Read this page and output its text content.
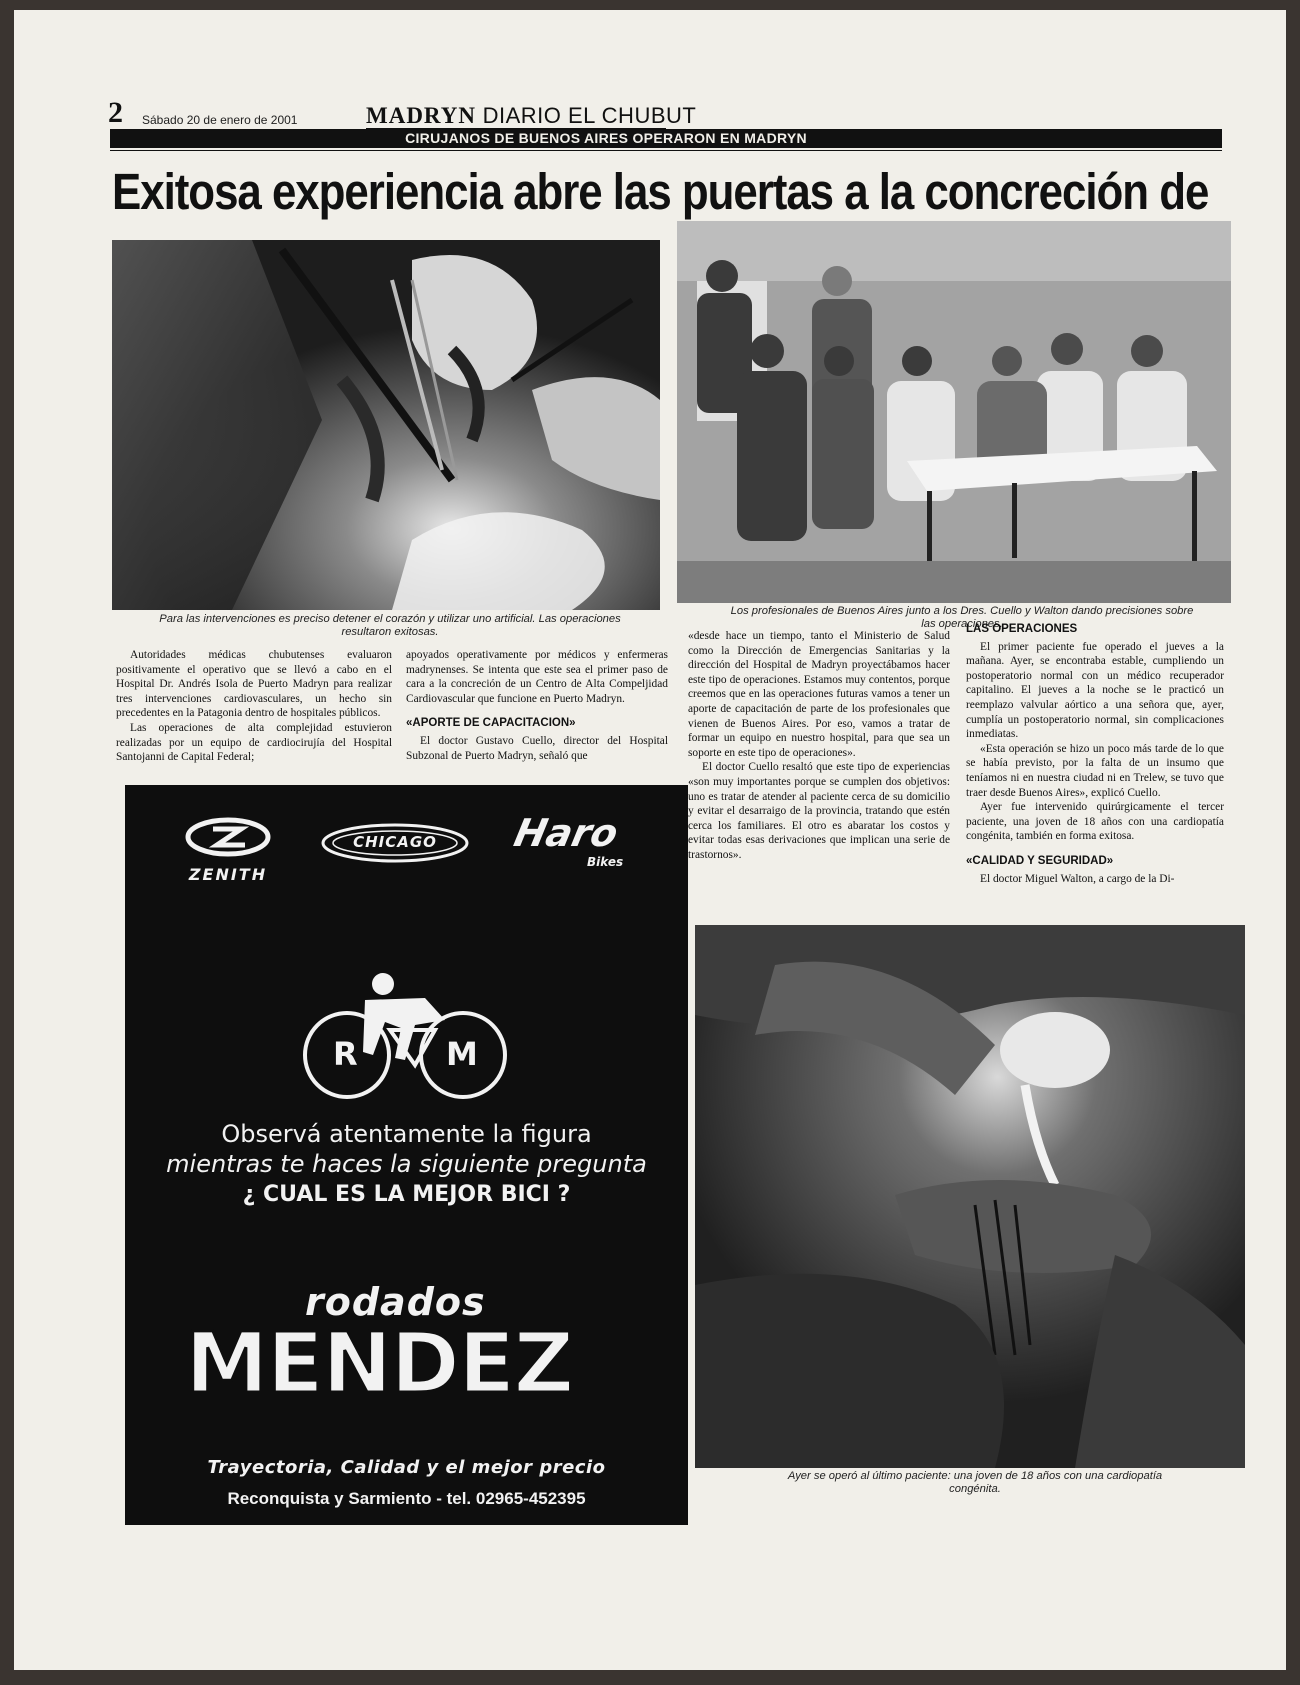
2 Sábado 20 de enero de 2001	MADRYN DIARIO EL CHUBUT
CIRUJANOS DE BUENOS AIRES OPERARON EN MADRYN
Exitosa experiencia abre las puertas a la concreción de
Para las intervenciones es preciso detener el corazón y utilizar uno artificial. Las operaciones resultaron exitosas.
Los profesionales de Buenos Aires junto a los Dres. Cuello y Walton dando precisiones sobre las operaciones.

Autoridades médicas chubutenses evaluaron positivamente el operativo que se llevó a cabo en el Hospital Dr. Andrés Isola de Puerto Madryn para realizar tres intervenciones cardiovasculares, un hecho sin precedentes en la Patagonia dentro de hospitales públicos.

Las operaciones de alta complejidad estuvieron realizadas por un equipo de cardiocirujía del Hospital Santojanni de Capital Federal;

apoyados operativamente por médicos y enfermeras madrynenses. Se intenta que este sea el primer paso de cara a la concreción de un Centro de Alta Compeljidad Cardiovascular que funcione en Puerto Madryn.

«APORTE DE CAPACITACION»

El doctor Gustavo Cuello, director del Hospital Subzonal de Puerto Madryn, señaló que

«desde hace un tiempo, tanto el Ministerio de Salud como la Dirección de Emergencias Sanitarias y la dirección del Hospital de Madryn proyectábamos hacer este tipo de operaciones. Estamos muy contentos, porque creemos que en las operaciones futuras vamos a tener un aporte de capacitación de parte de los profesionales que vienen de Buenos Aires. Por eso, vamos a tratar de formar un equipo en nuestro hospital, para que sea un soporte en este tipo de operaciones».

El doctor Cuello resaltó que este tipo de experiencias «son muy importantes porque se cumplen dos objetivos: uno es tratar de atender al paciente cerca de su domicilio y evitar el desarraigo de la provincia, tratando que estén cerca los familiares. El otro es abaratar los costos y evitar todas esas derivaciones que implican una serie de trastornos».

LAS OPERACIONES

El primer paciente fue operado el jueves a la mañana. Ayer, se encontraba estable, cumpliendo un postoperatorio normal con un médico recuperador capitalino. El jueves a la noche se le practicó un reemplazo valvular aórtico a una señora que, ayer, cumplía un postoperatorio normal, sin complicaciones inmediatas.

«Esta operación se hizo un poco más tarde de lo que se había previsto, por la falta de un insumo que teníamos ni en nuestra ciudad ni en Trelew, se tuvo que traer desde Buenos Aires», explicó Cuello.

Ayer fue intervenido quirúrgicamente el tercer paciente, una joven de 18 años con una cardiopatía congénita, también en forma exitosa.

«CALIDAD Y SEGURIDAD»

El doctor Miguel Walton, a cargo de la Di-

Ayer se operó al último paciente: una joven de 18 años con una cardiopatía congénita.
ZENITH
CHICAGO	Haro
Bikes
R	M
Observá atentamente la figura
mientras te haces la siguiente pregunta
¿ CUAL ES LA MEJOR BICI ?
rodados
MENDEZ
Trayectoria, Calidad y el mejor precio
Reconquista y Sarmiento - tel. 02965-452395
